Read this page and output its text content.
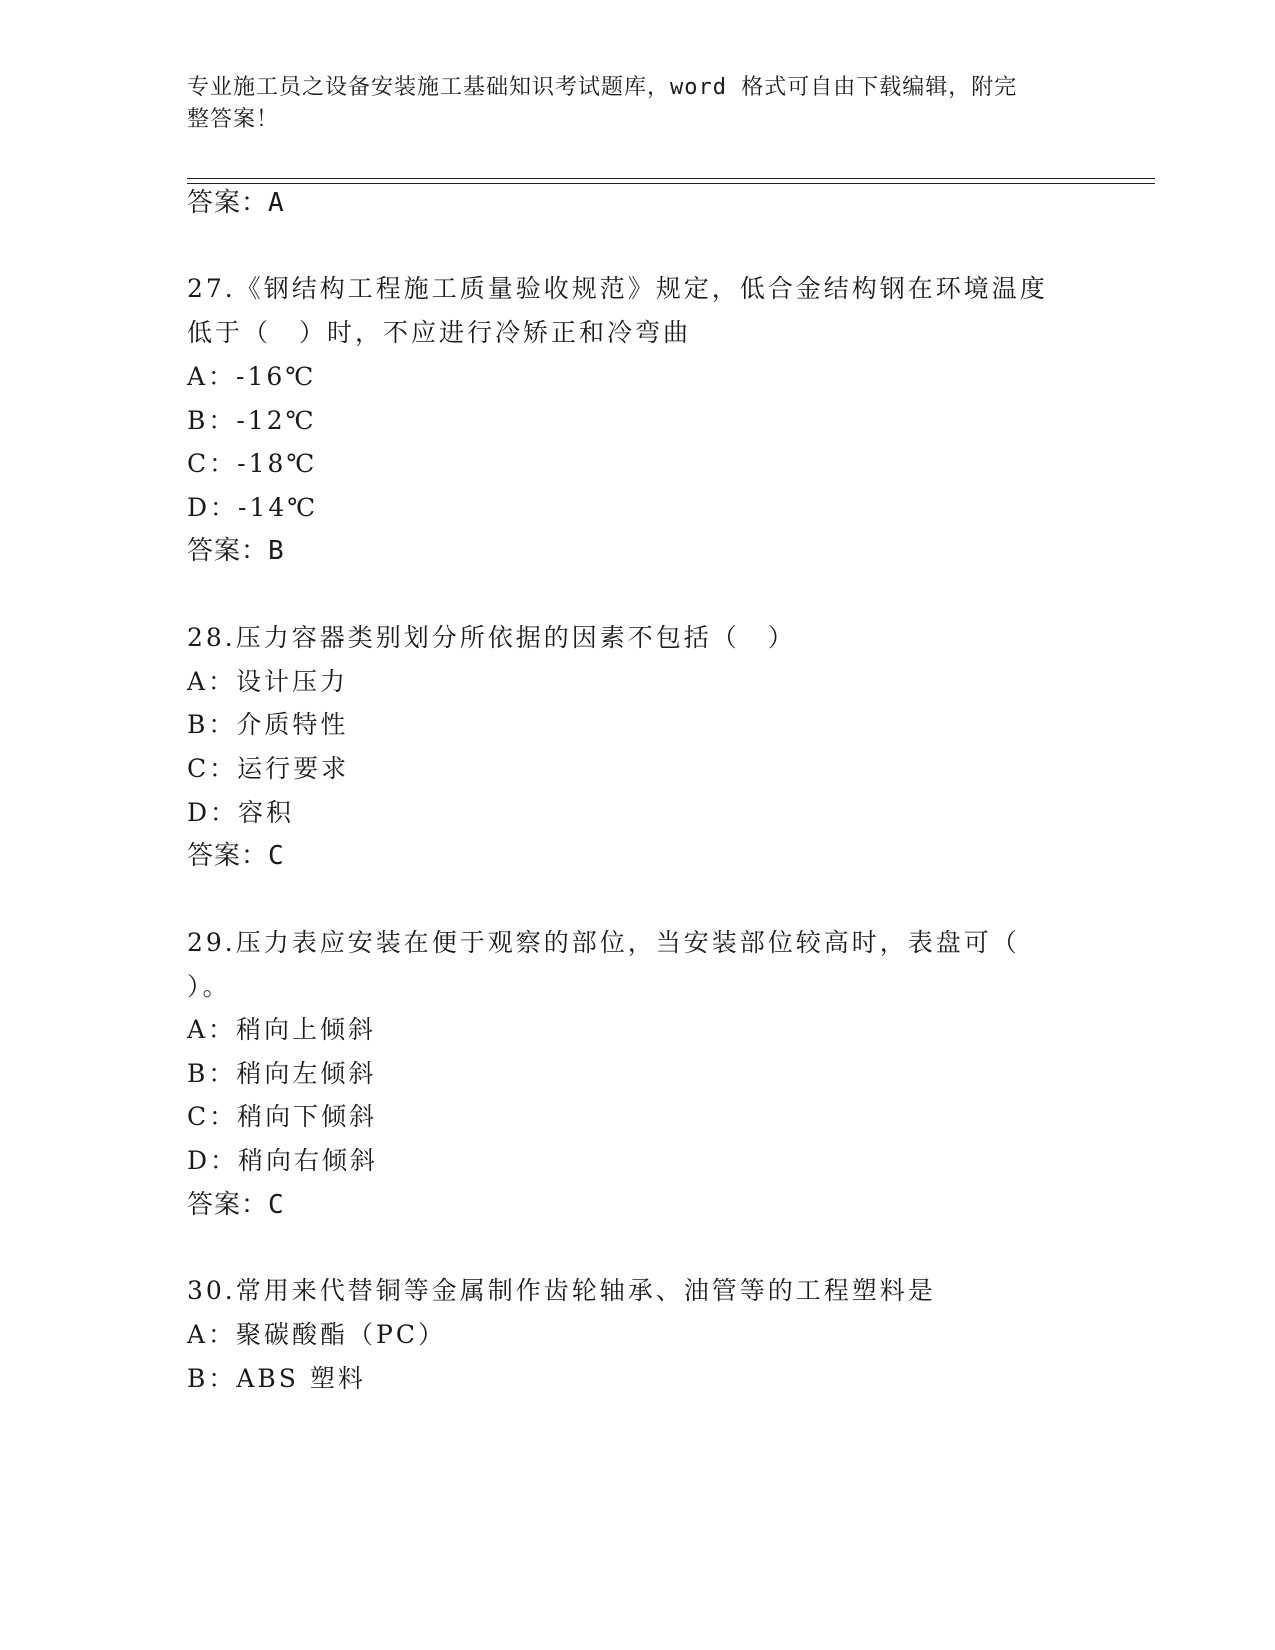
专业施工员之设备安装施工基础知识考试题库，word 格式可自由下载编辑，附完
整答案！
答案：A
27.《钢结构工程施工质量验收规范》规定，低合金结构钢在环境温度
低于（　）时，不应进行冷矫正和冷弯曲
A：-16℃
B：-12℃
C：-18℃
D：-14℃
答案：B
28.压力容器类别划分所依据的因素不包括（　）
A：设计压力
B：介质特性
C：运行要求
D：容积
答案：C
29.压力表应安装在便于观察的部位，当安装部位较高时，表盘可（
）。
A：稍向上倾斜
B：稍向左倾斜
C：稍向下倾斜
D：稍向右倾斜
答案：C
30.常用来代替铜等金属制作齿轮轴承、油管等的工程塑料是
A：聚碳酸酯（PC）
B：ABS 塑料
